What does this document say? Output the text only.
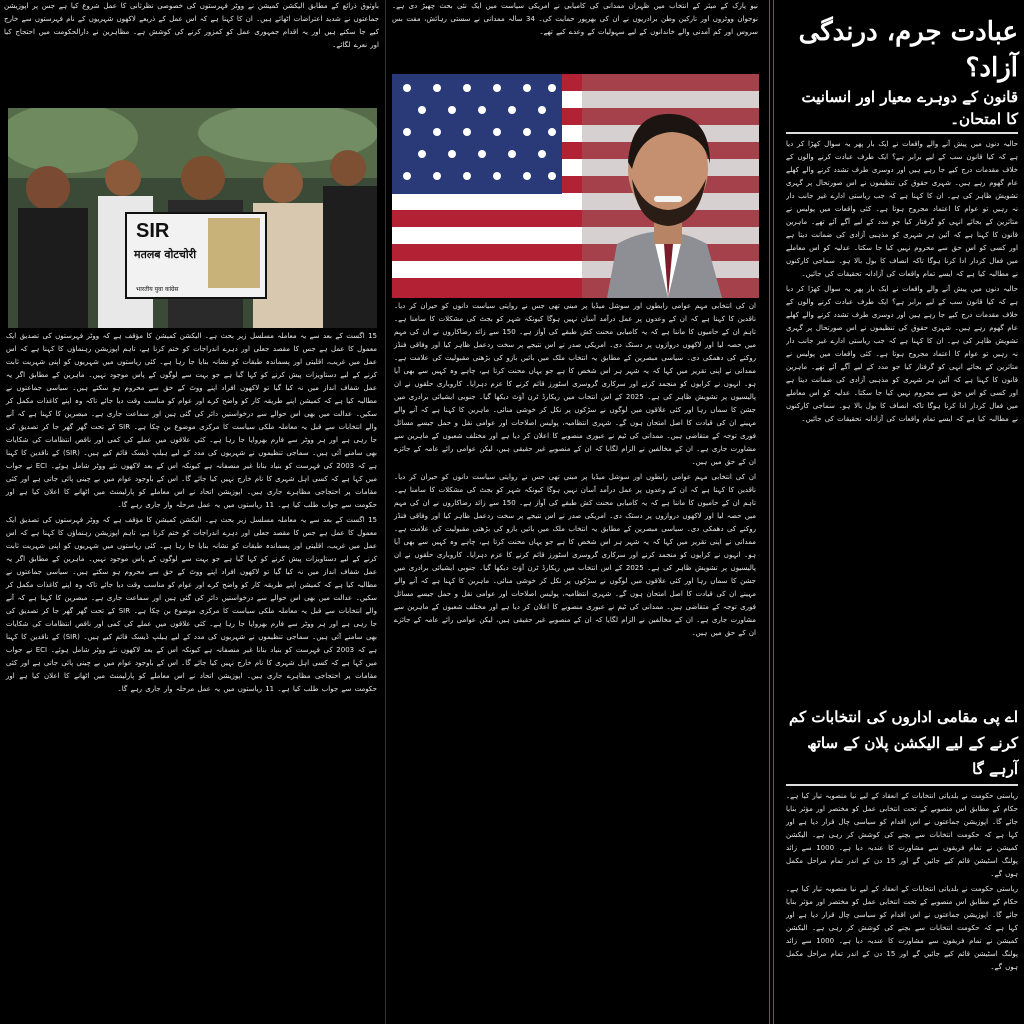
باوثوق ذرائع کے مطابق الیکشن کمیشن نے ووٹر فہرستوں کی خصوصی نظرثانی کا عمل شروع کیا ہے جس پر اپوزیشن جماعتوں نے شدید اعتراضات اٹھائے ہیں۔ ان کا کہنا ہے کہ اس عمل کے ذریعے لاکھوں شہریوں کے نام فہرستوں سے خارج کیے جا سکتے ہیں اور یہ اقدام جمہوری عمل کو کمزور کرنے کی کوشش ہے۔ مظاہرین نے دارالحکومت میں احتجاج کیا اور نعرے لگائے۔

SIR
मतलब वोटचोरी
भारतीय युवा कांग्रेस

15 اگست کے بعد سے یہ معاملہ مسلسل زیر بحث ہے۔ الیکشن کمیشن کا مؤقف ہے کہ ووٹر فہرستوں کی تصدیق ایک معمول کا عمل ہے جس کا مقصد جعلی اور دہرے اندراجات کو ختم کرنا ہے، تاہم اپوزیشن رہنماؤں کا کہنا ہے کہ اس عمل میں غریب، اقلیتی اور پسماندہ طبقات کو نشانہ بنایا جا رہا ہے۔ کئی ریاستوں میں شہریوں کو اپنی شہریت ثابت کرنے کے لیے دستاویزات پیش کرنے کو کہا گیا ہے جو بہت سے لوگوں کے پاس موجود نہیں۔ ماہرین کے مطابق اگر یہ عمل شفاف انداز میں نہ کیا گیا تو لاکھوں افراد اپنے ووٹ کے حق سے محروم ہو سکتے ہیں۔ سیاسی جماعتوں نے مطالبہ کیا ہے کہ کمیشن اپنے طریقہ کار کو واضح کرے اور عوام کو مناسب وقت دیا جائے تاکہ وہ اپنے کاغذات مکمل کر سکیں۔ عدالت میں بھی اس حوالے سے درخواستیں دائر کی گئی ہیں اور سماعت جاری ہے۔ مبصرین کا کہنا ہے کہ آنے والے انتخابات سے قبل یہ معاملہ ملکی سیاست کا مرکزی موضوع بن چکا ہے۔ SIR کے تحت گھر گھر جا کر تصدیق کی جا رہی ہے اور ہر ووٹر سے فارم بھروایا جا رہا ہے۔ کئی علاقوں میں عملے کی کمی اور ناقص انتظامات کی شکایات بھی سامنے آئی ہیں۔ سماجی تنظیموں نے شہریوں کی مدد کے لیے ہیلپ ڈیسک قائم کیے ہیں۔ (SIR) کے ناقدین کا کہنا ہے کہ 2003 کی فہرست کو بنیاد بنانا غیر منصفانہ ہے کیونکہ اس کے بعد لاکھوں نئے ووٹر شامل ہوئے۔ ECI نے جواب میں کہا ہے کہ کسی اہل شہری کا نام خارج نہیں کیا جائے گا۔ اس کے باوجود عوام میں بے چینی پائی جاتی ہے اور کئی مقامات پر احتجاجی مظاہرے جاری ہیں۔ اپوزیشن اتحاد نے اس معاملے کو پارلیمنٹ میں اٹھانے کا اعلان کیا ہے اور حکومت سے جواب طلب کیا ہے۔ 11 ریاستوں میں یہ عمل مرحلہ وار جاری رہے گا۔

15 اگست کے بعد سے یہ معاملہ مسلسل زیر بحث ہے۔ الیکشن کمیشن کا مؤقف ہے کہ ووٹر فہرستوں کی تصدیق ایک معمول کا عمل ہے جس کا مقصد جعلی اور دہرے اندراجات کو ختم کرنا ہے، تاہم اپوزیشن رہنماؤں کا کہنا ہے کہ اس عمل میں غریب، اقلیتی اور پسماندہ طبقات کو نشانہ بنایا جا رہا ہے۔ کئی ریاستوں میں شہریوں کو اپنی شہریت ثابت کرنے کے لیے دستاویزات پیش کرنے کو کہا گیا ہے جو بہت سے لوگوں کے پاس موجود نہیں۔ ماہرین کے مطابق اگر یہ عمل شفاف انداز میں نہ کیا گیا تو لاکھوں افراد اپنے ووٹ کے حق سے محروم ہو سکتے ہیں۔ سیاسی جماعتوں نے مطالبہ کیا ہے کہ کمیشن اپنے طریقہ کار کو واضح کرے اور عوام کو مناسب وقت دیا جائے تاکہ وہ اپنے کاغذات مکمل کر سکیں۔ عدالت میں بھی اس حوالے سے درخواستیں دائر کی گئی ہیں اور سماعت جاری ہے۔ مبصرین کا کہنا ہے کہ آنے والے انتخابات سے قبل یہ معاملہ ملکی سیاست کا مرکزی موضوع بن چکا ہے۔ SIR کے تحت گھر گھر جا کر تصدیق کی جا رہی ہے اور ہر ووٹر سے فارم بھروایا جا رہا ہے۔ کئی علاقوں میں عملے کی کمی اور ناقص انتظامات کی شکایات بھی سامنے آئی ہیں۔ سماجی تنظیموں نے شہریوں کی مدد کے لیے ہیلپ ڈیسک قائم کیے ہیں۔ (SIR) کے ناقدین کا کہنا ہے کہ 2003 کی فہرست کو بنیاد بنانا غیر منصفانہ ہے کیونکہ اس کے بعد لاکھوں نئے ووٹر شامل ہوئے۔ ECI نے جواب میں کہا ہے کہ کسی اہل شہری کا نام خارج نہیں کیا جائے گا۔ اس کے باوجود عوام میں بے چینی پائی جاتی ہے اور کئی مقامات پر احتجاجی مظاہرے جاری ہیں۔ اپوزیشن اتحاد نے اس معاملے کو پارلیمنٹ میں اٹھانے کا اعلان کیا ہے اور حکومت سے جواب طلب کیا ہے۔ 11 ریاستوں میں یہ عمل مرحلہ وار جاری رہے گا۔

نیو یارک کے میئر کے انتخاب میں ظہران ممدانی کی کامیابی نے امریکی سیاست میں ایک نئی بحث چھیڑ دی ہے۔ نوجوان ووٹروں اور تارکین وطن برادریوں نے ان کی بھرپور حمایت کی۔ 34 سالہ ممدانی نے سستی رہائش، مفت بس سروس اور کم آمدنی والے خاندانوں کے لیے سہولیات کے وعدے کیے تھے۔

ان کی انتخابی مہم عوامی رابطوں اور سوشل میڈیا پر مبنی تھی جس نے روایتی سیاست دانوں کو حیران کر دیا۔ ناقدین کا کہنا ہے کہ ان کے وعدوں پر عمل درآمد آسان نہیں ہوگا کیونکہ شہر کو بجٹ کی مشکلات کا سامنا ہے۔ تاہم ان کے حامیوں کا ماننا ہے کہ یہ کامیابی محنت کش طبقے کی آواز ہے۔ 150 سے زائد رضاکاروں نے ان کی مہم میں حصہ لیا اور لاکھوں دروازوں پر دستک دی۔ امریکی صدر نے اس نتیجے پر سخت ردعمل ظاہر کیا اور وفاقی فنڈز روکنے کی دھمکی دی۔ سیاسی مبصرین کے مطابق یہ انتخاب ملک میں بائیں بازو کی بڑھتی مقبولیت کی علامت ہے۔ ممدانی نے اپنی تقریر میں کہا کہ یہ شہر ہر اس شخص کا ہے جو یہاں محنت کرتا ہے، چاہے وہ کہیں سے بھی آیا ہو۔ انہوں نے کرایوں کو منجمد کرنے اور سرکاری گروسری اسٹورز قائم کرنے کا عزم دہرایا۔ کاروباری حلقوں نے ان پالیسیوں پر تشویش ظاہر کی ہے۔ 2025 کے اس انتخاب میں ریکارڈ ٹرن آؤٹ دیکھا گیا۔ جنوبی ایشیائی برادری میں جشن کا سماں رہا اور کئی علاقوں میں لوگوں نے سڑکوں پر نکل کر خوشی منائی۔ ماہرین کا کہنا ہے کہ آنے والے مہینے ان کی قیادت کا اصل امتحان ہوں گے۔ شہری انتظامیہ، پولیس اصلاحات اور عوامی نقل و حمل جیسے مسائل فوری توجہ کے متقاضی ہیں۔ ممدانی کی ٹیم نے عبوری منصوبے کا اعلان کر دیا ہے اور مختلف شعبوں کے ماہرین سے مشاورت جاری ہے۔ ان کے مخالفین نے الزام لگایا کہ ان کے منصوبے غیر حقیقی ہیں، لیکن عوامی رائے عامہ کے جائزے ان کے حق میں ہیں۔

ان کی انتخابی مہم عوامی رابطوں اور سوشل میڈیا پر مبنی تھی جس نے روایتی سیاست دانوں کو حیران کر دیا۔ ناقدین کا کہنا ہے کہ ان کے وعدوں پر عمل درآمد آسان نہیں ہوگا کیونکہ شہر کو بجٹ کی مشکلات کا سامنا ہے۔ تاہم ان کے حامیوں کا ماننا ہے کہ یہ کامیابی محنت کش طبقے کی آواز ہے۔ 150 سے زائد رضاکاروں نے ان کی مہم میں حصہ لیا اور لاکھوں دروازوں پر دستک دی۔ امریکی صدر نے اس نتیجے پر سخت ردعمل ظاہر کیا اور وفاقی فنڈز روکنے کی دھمکی دی۔ سیاسی مبصرین کے مطابق یہ انتخاب ملک میں بائیں بازو کی بڑھتی مقبولیت کی علامت ہے۔ ممدانی نے اپنی تقریر میں کہا کہ یہ شہر ہر اس شخص کا ہے جو یہاں محنت کرتا ہے، چاہے وہ کہیں سے بھی آیا ہو۔ انہوں نے کرایوں کو منجمد کرنے اور سرکاری گروسری اسٹورز قائم کرنے کا عزم دہرایا۔ کاروباری حلقوں نے ان پالیسیوں پر تشویش ظاہر کی ہے۔ 2025 کے اس انتخاب میں ریکارڈ ٹرن آؤٹ دیکھا گیا۔ جنوبی ایشیائی برادری میں جشن کا سماں رہا اور کئی علاقوں میں لوگوں نے سڑکوں پر نکل کر خوشی منائی۔ ماہرین کا کہنا ہے کہ آنے والے مہینے ان کی قیادت کا اصل امتحان ہوں گے۔ شہری انتظامیہ، پولیس اصلاحات اور عوامی نقل و حمل جیسے مسائل فوری توجہ کے متقاضی ہیں۔ ممدانی کی ٹیم نے عبوری منصوبے کا اعلان کر دیا ہے اور مختلف شعبوں کے ماہرین سے مشاورت جاری ہے۔ ان کے مخالفین نے الزام لگایا کہ ان کے منصوبے غیر حقیقی ہیں، لیکن عوامی رائے عامہ کے جائزے ان کے حق میں ہیں۔

عبادت جرم، درندگی آزاد؟
قانون کے دوہرے معیار اور انسانیت کا امتحان۔

حالیہ دنوں میں پیش آنے والے واقعات نے ایک بار پھر یہ سوال کھڑا کر دیا ہے کہ کیا قانون سب کے لیے برابر ہے؟ ایک طرف عبادت کرنے والوں کے خلاف مقدمات درج کیے جا رہے ہیں اور دوسری طرف تشدد کرنے والے کھلے عام گھوم رہے ہیں۔ شہری حقوق کی تنظیموں نے اس صورتحال پر گہری تشویش ظاہر کی ہے۔ ان کا کہنا ہے کہ جب ریاستی ادارے غیر جانب دار نہ رہیں تو عوام کا اعتماد مجروح ہوتا ہے۔ کئی واقعات میں پولیس نے متاثرین کے بجائے انہی کو گرفتار کیا جو مدد کے لیے آگے آئے تھے۔ ماہرین قانون کا کہنا ہے کہ آئین ہر شہری کو مذہبی آزادی کی ضمانت دیتا ہے اور کسی کو اس حق سے محروم نہیں کیا جا سکتا۔ عدلیہ کو اس معاملے میں فعال کردار ادا کرنا ہوگا تاکہ انصاف کا بول بالا ہو۔ سماجی کارکنوں نے مطالبہ کیا ہے کہ ایسے تمام واقعات کی آزادانہ تحقیقات کی جائیں۔

حالیہ دنوں میں پیش آنے والے واقعات نے ایک بار پھر یہ سوال کھڑا کر دیا ہے کہ کیا قانون سب کے لیے برابر ہے؟ ایک طرف عبادت کرنے والوں کے خلاف مقدمات درج کیے جا رہے ہیں اور دوسری طرف تشدد کرنے والے کھلے عام گھوم رہے ہیں۔ شہری حقوق کی تنظیموں نے اس صورتحال پر گہری تشویش ظاہر کی ہے۔ ان کا کہنا ہے کہ جب ریاستی ادارے غیر جانب دار نہ رہیں تو عوام کا اعتماد مجروح ہوتا ہے۔ کئی واقعات میں پولیس نے متاثرین کے بجائے انہی کو گرفتار کیا جو مدد کے لیے آگے آئے تھے۔ ماہرین قانون کا کہنا ہے کہ آئین ہر شہری کو مذہبی آزادی کی ضمانت دیتا ہے اور کسی کو اس حق سے محروم نہیں کیا جا سکتا۔ عدلیہ کو اس معاملے میں فعال کردار ادا کرنا ہوگا تاکہ انصاف کا بول بالا ہو۔ سماجی کارکنوں نے مطالبہ کیا ہے کہ ایسے تمام واقعات کی آزادانہ تحقیقات کی جائیں۔

اے پی مقامی اداروں کی انتخابات کم کرنے کے لیے الیکشن پلان کے ساتھ آرہے گا

ریاستی حکومت نے بلدیاتی انتخابات کے انعقاد کے لیے نیا منصوبہ تیار کیا ہے۔ حکام کے مطابق اس منصوبے کے تحت انتخابی عمل کو مختصر اور مؤثر بنایا جائے گا۔ اپوزیشن جماعتوں نے اس اقدام کو سیاسی چال قرار دیا ہے اور کہا ہے کہ حکومت انتخابات سے بچنے کی کوشش کر رہی ہے۔ الیکشن کمیشن نے تمام فریقوں سے مشاورت کا عندیہ دیا ہے۔ 1000 سے زائد پولنگ اسٹیشن قائم کیے جائیں گے اور 15 دن کے اندر تمام مراحل مکمل ہوں گے۔

ریاستی حکومت نے بلدیاتی انتخابات کے انعقاد کے لیے نیا منصوبہ تیار کیا ہے۔ حکام کے مطابق اس منصوبے کے تحت انتخابی عمل کو مختصر اور مؤثر بنایا جائے گا۔ اپوزیشن جماعتوں نے اس اقدام کو سیاسی چال قرار دیا ہے اور کہا ہے کہ حکومت انتخابات سے بچنے کی کوشش کر رہی ہے۔ الیکشن کمیشن نے تمام فریقوں سے مشاورت کا عندیہ دیا ہے۔ 1000 سے زائد پولنگ اسٹیشن قائم کیے جائیں گے اور 15 دن کے اندر تمام مراحل مکمل ہوں گے۔
